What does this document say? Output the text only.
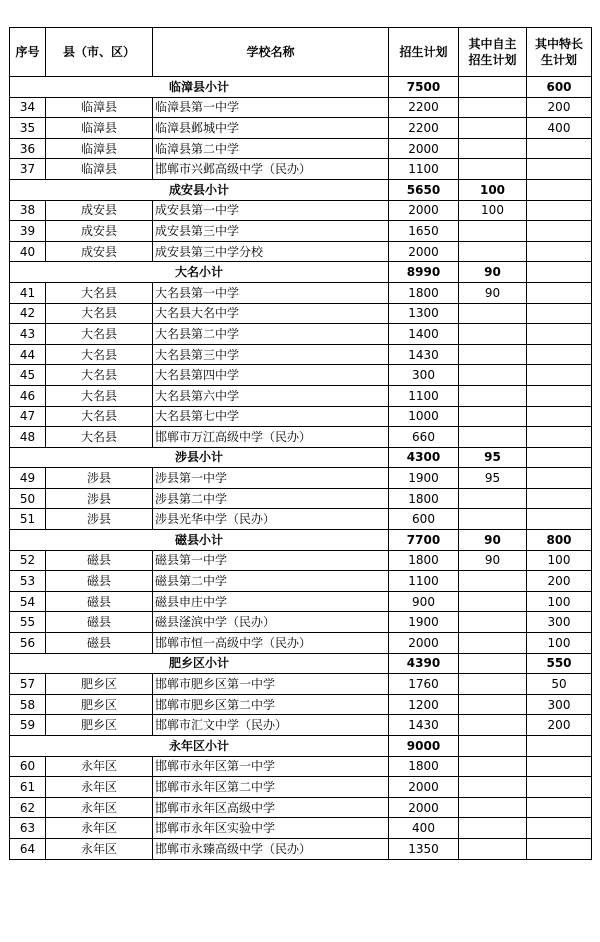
序号	县（市、区）	学校名称	招生计划	其中自主招生计划	其中特长生计划

临漳县小计			7500		600
34	临漳县	临漳县第一中学	2200		200
35	临漳县	临漳县邺城中学	2200		400
36	临漳县	临漳县第二中学	2000		
37	临漳县	邯郸市兴邺高级中学（民办）	1100		
成安县小计			5650	100	
38	成安县	成安县第一中学	2000	100	
39	成安县	成安县第三中学	1650		
40	成安县	成安县第三中学分校	2000		
大名小计			8990	90	
41	大名县	大名县第一中学	1800	90	
42	大名县	大名县大名中学	1300		
43	大名县	大名县第二中学	1400		
44	大名县	大名县第三中学	1430		
45	大名县	大名县第四中学	300		
46	大名县	大名县第六中学	1100		
47	大名县	大名县第七中学	1000		
48	大名县	邯郸市万江高级中学（民办）	660		
涉县小计			4300	95	
49	涉县	涉县第一中学	1900	95	
50	涉县	涉县第二中学	1800		
51	涉县	涉县光华中学（民办）	600		
磁县小计			7700	90	800
52	磁县	磁县第一中学	1800	90	100
53	磁县	磁县第二中学	1100		200
54	磁县	磁县申庄中学	900		100
55	磁县	磁县滏滨中学（民办）	1900		300
56	磁县	邯郸市恒一高级中学（民办）	2000		100
肥乡区小计			4390		550
57	肥乡区	邯郸市肥乡区第一中学	1760		50
58	肥乡区	邯郸市肥乡区第二中学	1200		300
59	肥乡区	邯郸市汇文中学（民办）	1430		200
永年区小计			9000		
60	永年区	邯郸市永年区第一中学	1800		
61	永年区	邯郸市永年区第二中学	2000		
62	永年区	邯郸市永年区高级中学	2000		
63	永年区	邯郸市永年区实验中学	400		
64	永年区	邯郸市永臻高级中学（民办）	1350		
